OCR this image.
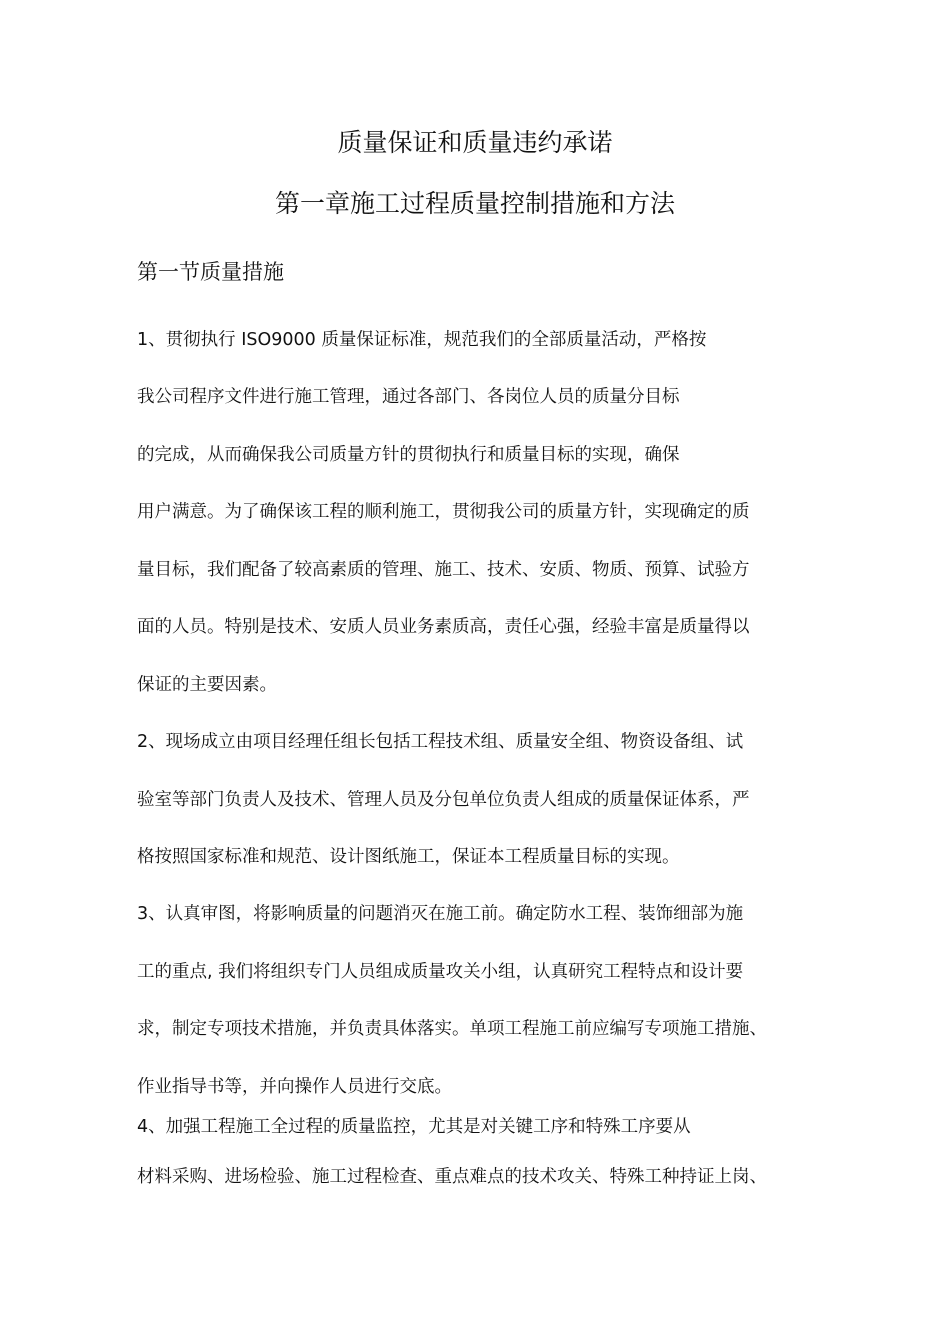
质量保证和质量违约承诺
第一章施工过程质量控制措施和方法
第一节质量措施
1、贯彻执行 ISO9000 质量保证标准，规范我们的全部质量活动，严格按
我公司程序文件进行施工管理，通过各部门、各岗位人员的质量分目标
的完成，从而确保我公司质量方针的贯彻执行和质量目标的实现，确保
用户满意。为了确保该工程的顺利施工，贯彻我公司的质量方针，实现确定的质
量目标，我们配备了较高素质的管理、施工、技术、安质、物质、预算、试验方
面的人员。特别是技术、安质人员业务素质高，责任心强，经验丰富是质量得以
保证的主要因素。
2、现场成立由项目经理任组长包括工程技术组、质量安全组、物资设备组、试
验室等部门负责人及技术、管理人员及分包单位负责人组成的质量保证体系，严
格按照国家标准和规范、设计图纸施工，保证本工程质量目标的实现。
3、认真审图，将影响质量的问题消灭在施工前。确定防水工程、装饰细部为施
工的重点, 我们将组织专门人员组成质量攻关小组，认真研究工程特点和设计要
求，制定专项技术措施，并负责具体落实。单项工程施工前应编写专项施工措施、
作业指导书等，并向操作人员进行交底。
4、加强工程施工全过程的质量监控，尤其是对关键工序和特殊工序要从
材料采购、进场检验、施工过程检查、重点难点的技术攻关、特殊工种持证上岗、
